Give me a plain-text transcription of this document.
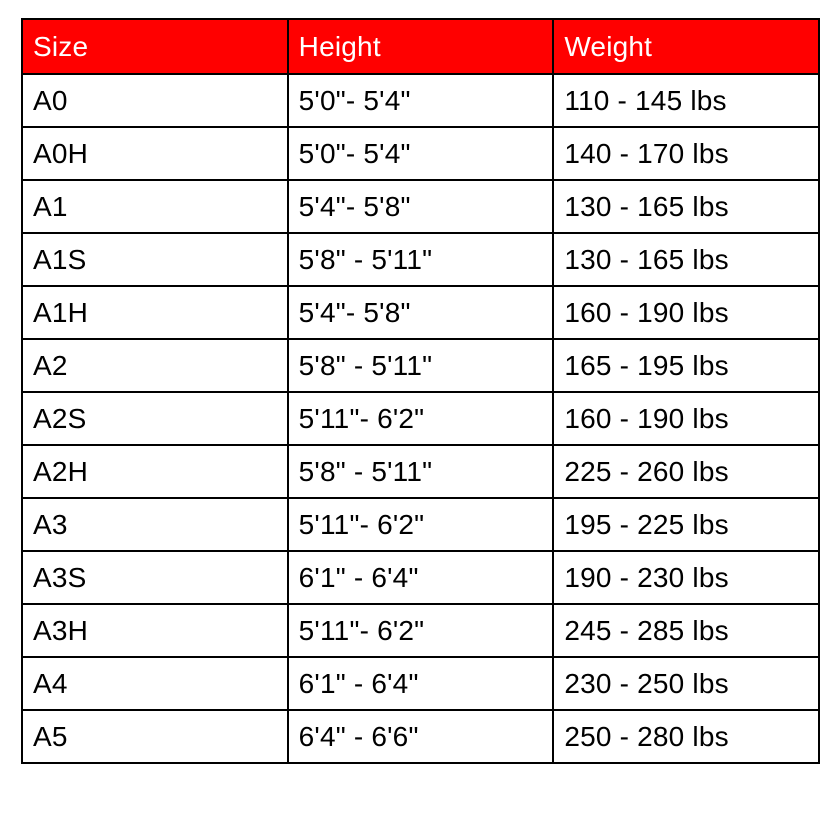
Size	Height	Weight
A0	5'0"- 5'4"	110 - 145 lbs
A0H	5'0"- 5'4"	140 - 170 lbs
A1	5'4"- 5'8"	130 - 165 lbs
A1S	5'8" - 5'11"	130 - 165 lbs
A1H	5'4"- 5'8"	160 - 190 lbs
A2	5'8" - 5'11"	165 - 195 lbs
A2S	5'11"- 6'2"	160 - 190 lbs
A2H	5'8" - 5'11"	225 - 260 lbs
A3	5'11"- 6'2"	195 - 225 lbs
A3S	6'1" - 6'4"	190 - 230 lbs
A3H	5'11"- 6'2"	245 - 285 lbs
A4	6'1" - 6'4"	230 - 250 lbs
A5	6'4" - 6'6"	250 - 280 lbs
